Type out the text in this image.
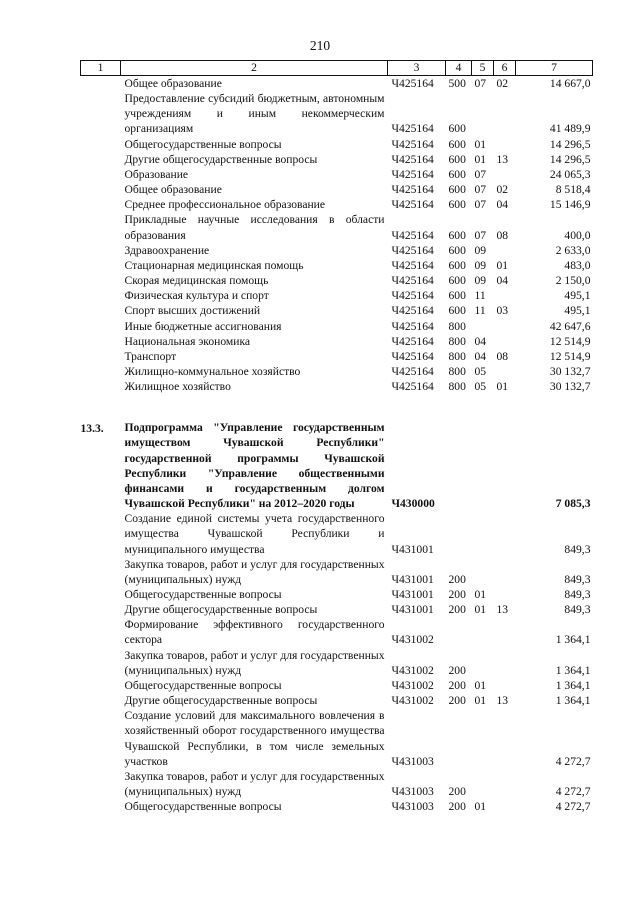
210
1	2	3	4	5	6	7
	Общее образование	Ч425164	500	07	02	14 667,0
	Предоставление субсидий бюджетным, автономным учреждениям и иным некоммерческим организациям	Ч425164	600			41 489,9
	Общегосударственные вопросы	Ч425164	600	01		14 296,5
	Другие общегосударственные вопросы	Ч425164	600	01	13	14 296,5
	Образование	Ч425164	600	07		24 065,3
	Общее образование	Ч425164	600	07	02	8 518,4
	Среднее профессиональное образование	Ч425164	600	07	04	15 146,9
	Прикладные научные исследования в области образования	Ч425164	600	07	08	400,0
	Здравоохранение	Ч425164	600	09		2 633,0
	Стационарная медицинская помощь	Ч425164	600	09	01	483,0
	Скорая медицинская помощь	Ч425164	600	09	04	2 150,0
	Физическая культура и спорт	Ч425164	600	11		495,1
	Спорт высших достижений	Ч425164	600	11	03	495,1
	Иные бюджетные ассигнования	Ч425164	800			42 647,6
	Национальная экономика	Ч425164	800	04		12 514,9
	Транспорт	Ч425164	800	04	08	12 514,9
	Жилищно-коммунальное хозяйство	Ч425164	800	05		30 132,7
	Жилищное хозяйство	Ч425164	800	05	01	30 132,7

13.3.	Подпрограмма "Управление государственным имуществом Чувашской Республики" государственной программы Чувашской Республики "Управление общественными финансами и государственным долгом Чувашской Республики" на 2012–2020 годы	Ч430000				7 085,3
	Создание единой системы учета государственного имущества Чувашской Республики и муниципального имущества	Ч431001				849,3
	Закупка товаров, работ и услуг для государственных (муниципальных) нужд	Ч431001	200			849,3
	Общегосударственные вопросы	Ч431001	200	01		849,3
	Другие общегосударственные вопросы	Ч431001	200	01	13	849,3
	Формирование эффективного государственного сектора	Ч431002				1 364,1
	Закупка товаров, работ и услуг для государственных (муниципальных) нужд	Ч431002	200			1 364,1
	Общегосударственные вопросы	Ч431002	200	01		1 364,1
	Другие общегосударственные вопросы	Ч431002	200	01	13	1 364,1
	Создание условий для максимального вовлечения в хозяйственный оборот государственного имущества Чувашской Республики, в том числе земельных участков	Ч431003				4 272,7
	Закупка товаров, работ и услуг для государственных (муниципальных) нужд	Ч431003	200			4 272,7
	Общегосударственные вопросы	Ч431003	200	01		4 272,7
